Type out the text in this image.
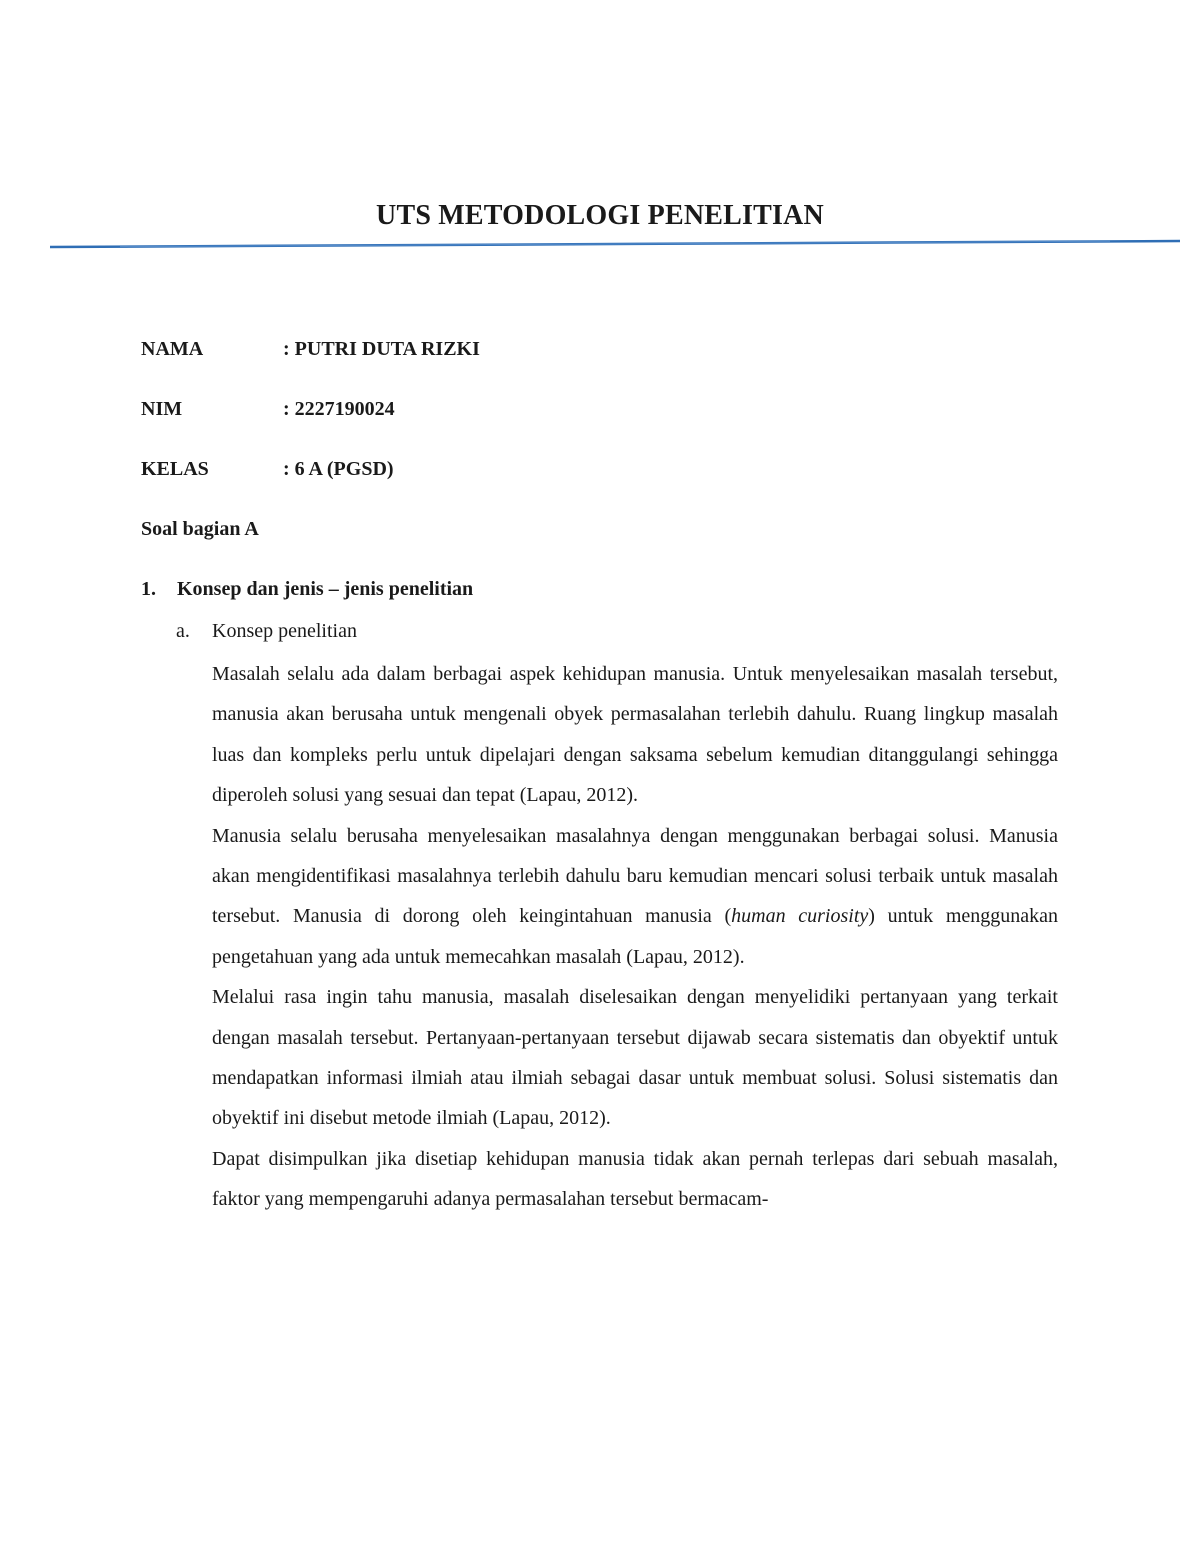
UTS METODOLOGI PENELITIAN
NAMA	: PUTRI DUTA RIZKI
NIM	: 2227190024
KELAS	: 6 A (PGSD)
Soal bagian A
1. Konsep dan jenis – jenis penelitian
a. Konsep penelitian

Masalah selalu ada dalam berbagai aspek kehidupan manusia. Untuk menyelesaikan masalah tersebut, manusia akan berusaha untuk mengenali obyek permasalahan terlebih dahulu. Ruang lingkup masalah luas dan kompleks perlu untuk dipelajari dengan saksama sebelum kemudian ditanggulangi sehingga diperoleh solusi yang sesuai dan tepat (Lapau, 2012).

Manusia selalu berusaha menyelesaikan masalahnya dengan menggunakan berbagai solusi. Manusia akan mengidentifikasi masalahnya terlebih dahulu baru kemudian mencari solusi terbaik untuk masalah tersebut. Manusia di dorong oleh keingintahuan manusia (human curiosity) untuk menggunakan pengetahuan yang ada untuk memecahkan masalah (Lapau, 2012).

Melalui rasa ingin tahu manusia, masalah diselesaikan dengan menyelidiki pertanyaan yang terkait dengan masalah tersebut. Pertanyaan-pertanyaan tersebut dijawab secara sistematis dan obyektif untuk mendapatkan informasi ilmiah atau ilmiah sebagai dasar untuk membuat solusi. Solusi sistematis dan obyektif ini disebut metode ilmiah (Lapau, 2012).

Dapat disimpulkan jika disetiap kehidupan manusia tidak akan pernah terlepas dari sebuah masalah, faktor yang mempengaruhi adanya permasalahan tersebut bermacam-
